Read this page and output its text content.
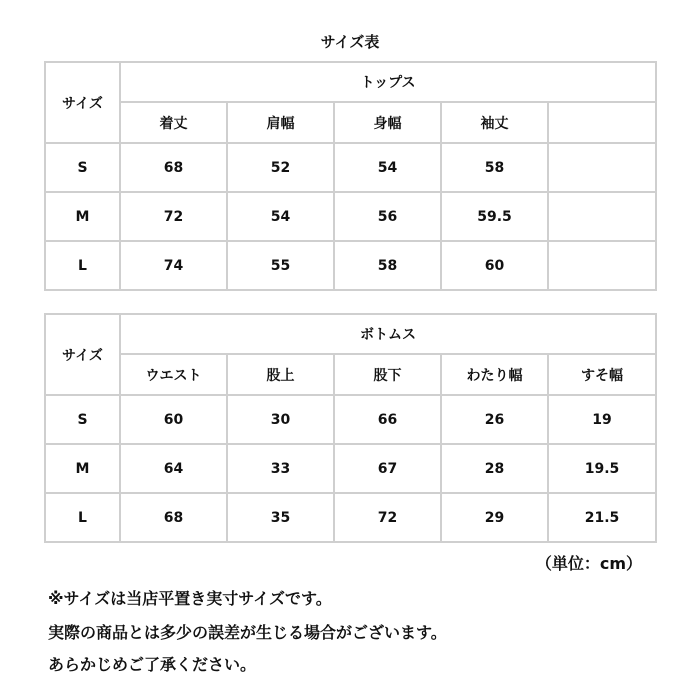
サイズ表
サイズ	トップス				
	着丈	肩幅	身幅	袖丈	
S	68	52	54	58	
M	72	54	56	59.5	
L	74	55	58	60	
サイズ	ボトムス				
	ウエスト	股上	股下	わたり幅	すそ幅
S	60	30	66	26	19
M	64	33	67	28	19.5
L	68	35	72	29	21.5
（単位：cm）
※サイズは当店平置き実寸サイズです。
実際の商品とは多少の誤差が生じる場合がございます。
あらかじめご了承ください。
